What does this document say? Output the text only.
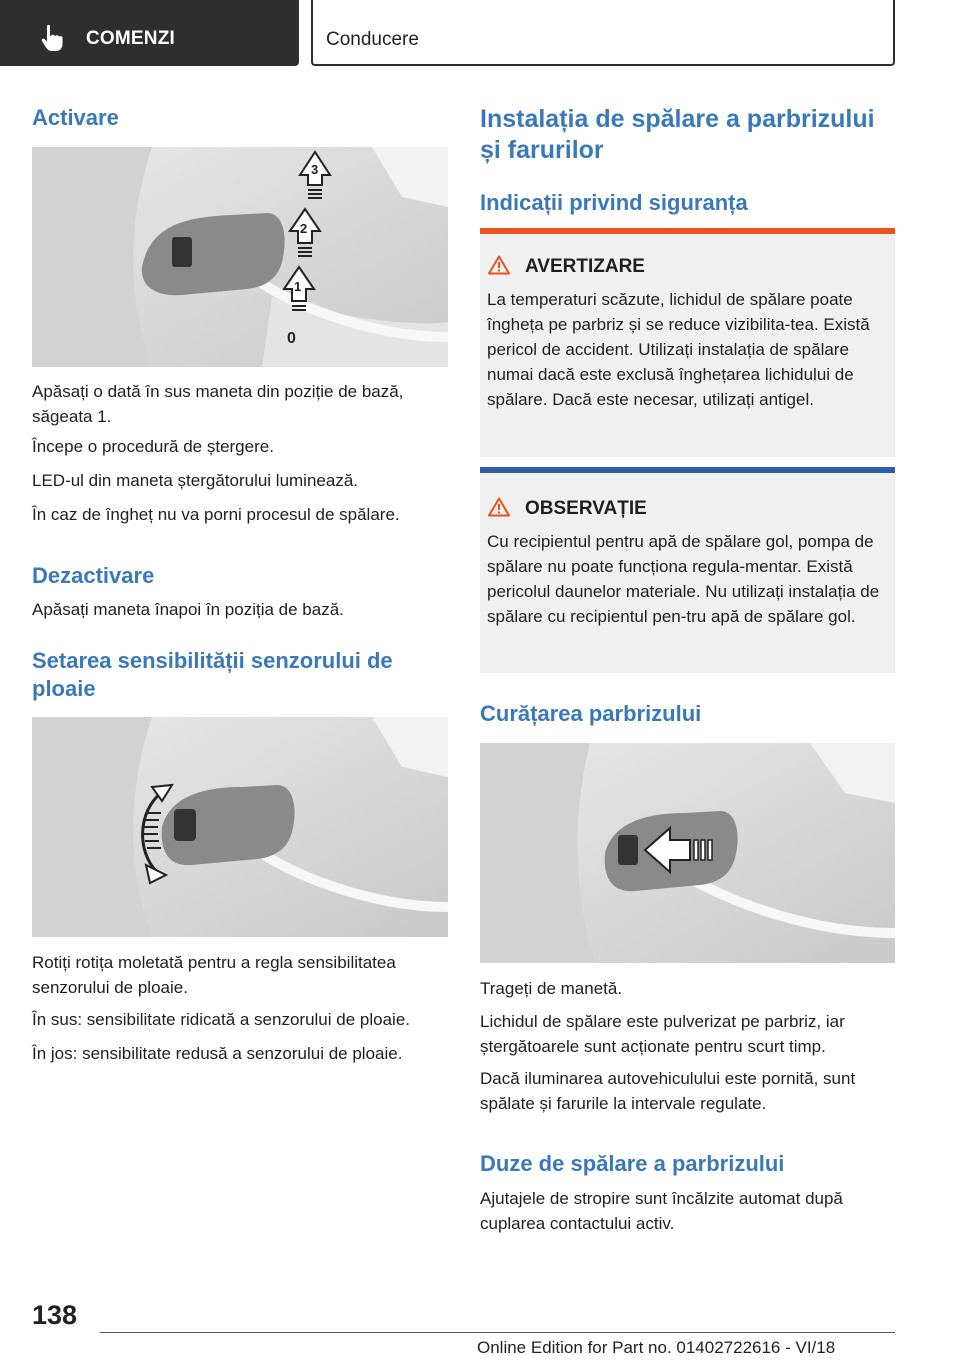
COMENZI	Conducere
Activare
3
2
1
0
Apăsați o dată în sus maneta din poziție de bază, săgeata 1.
Începe o procedură de ștergere.
LED-ul din maneta ștergătorului luminează.
În caz de îngheț nu va porni procesul de spălare.
Dezactivare
Apăsați maneta înapoi în poziția de bază.
Setarea sensibilității senzorului de ploaie
Rotiți rotița moletată pentru a regla sensibilitatea senzorului de ploaie.
În sus: sensibilitate ridicată a senzorului de ploaie.
În jos: sensibilitate redusă a senzorului de ploaie.
Instalația de spălare a parbrizului și farurilor
Indicații privind siguranța
AVERTIZARE
La temperaturi scăzute, lichidul de spălare poate îngheța pe parbriz și se reduce vizibilita-tea. Există pericol de accident. Utilizați instalația de spălare numai dacă este exclusă înghețarea lichidului de spălare. Dacă este necesar, utilizați antigel.
OBSERVAȚIE
Cu recipientul pentru apă de spălare gol, pompa de spălare nu poate funcționa regula-mentar. Există pericolul daunelor materiale. Nu utilizați instalația de spălare cu recipientul pen-tru apă de spălare gol.
Curățarea parbrizului
Trageți de manetă.
Lichidul de spălare este pulverizat pe parbriz, iar ștergătoarele sunt acționate pentru scurt timp.
Dacă iluminarea autovehiculului este pornită, sunt spălate și farurile la intervale regulate.
Duze de spălare a parbrizului
Ajutajele de stropire sunt încălzite automat după cuplarea contactului activ.
138
Online Edition for Part no. 01402722616 - VI/18
